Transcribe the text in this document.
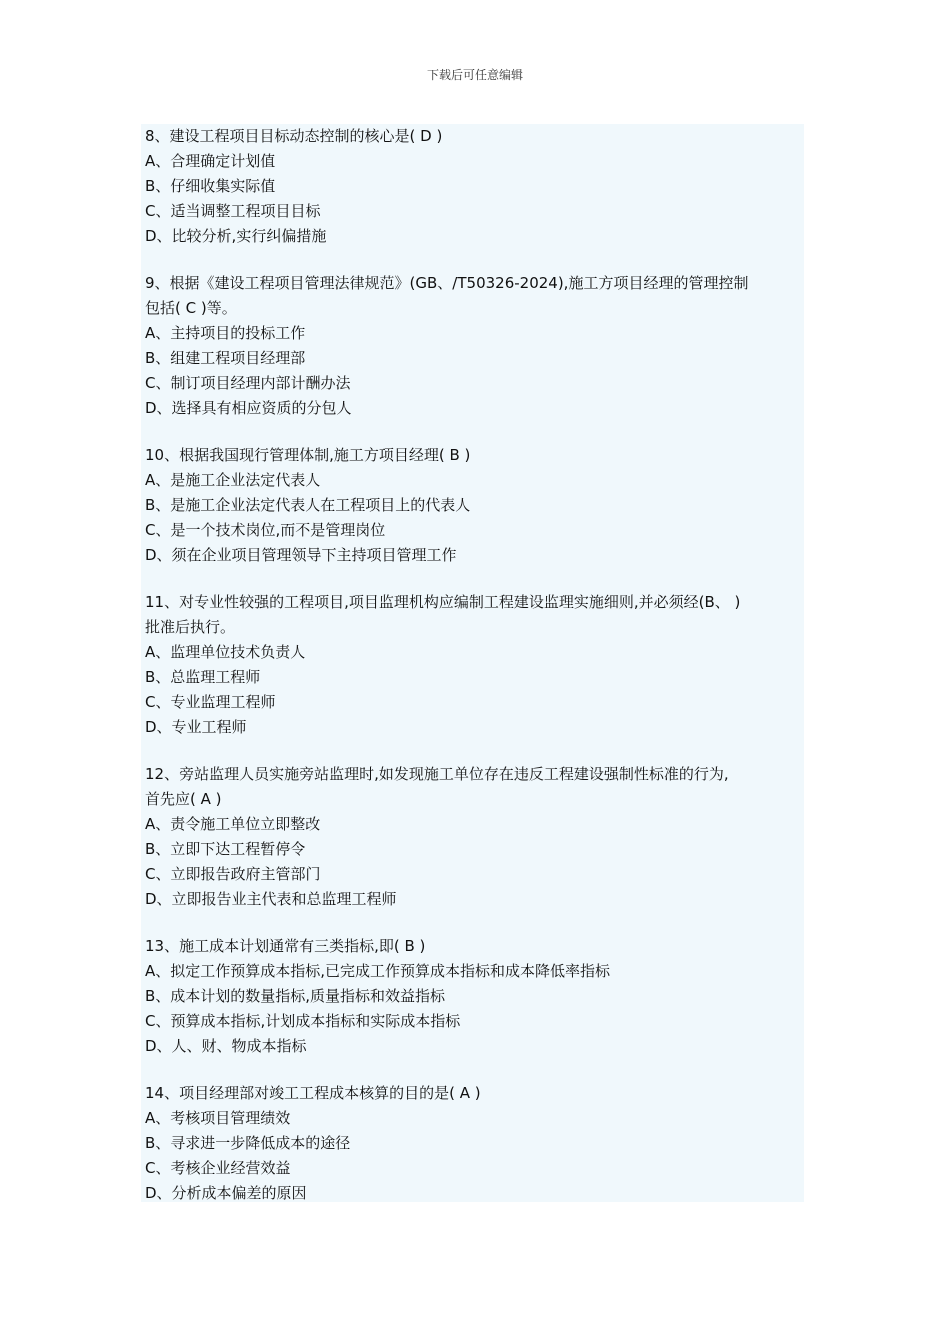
下载后可任意编辑
8、建设工程项目目标动态控制的核心是( D )
A、合理确定计划值
B、仔细收集实际值
C、适当调整工程项目目标
D、比较分析,实行纠偏措施
9、根据《建设工程项目管理法律规范》(GB、/T50326-2024),施工方项目经理的管理控制
包括( C )等。
A、主持项目的投标工作
B、组建工程项目经理部
C、制订项目经理内部计酬办法
D、选择具有相应资质的分包人
10、根据我国现行管理体制,施工方项目经理( B )
A、是施工企业法定代表人
B、是施工企业法定代表人在工程项目上的代表人
C、是一个技术岗位,而不是管理岗位
D、须在企业项目管理领导下主持项目管理工作
11、对专业性较强的工程项目,项目监理机构应编制工程建设监理实施细则,并必须经(B、 )
批准后执行。
A、监理单位技术负责人
B、总监理工程师
C、专业监理工程师
D、专业工程师
12、旁站监理人员实施旁站监理时,如发现施工单位存在违反工程建设强制性标准的行为,
首先应( A )
A、责令施工单位立即整改
B、立即下达工程暂停令
C、立即报告政府主管部门
D、立即报告业主代表和总监理工程师
13、施工成本计划通常有三类指标,即( B )
A、拟定工作预算成本指标,已完成工作预算成本指标和成本降低率指标
B、成本计划的数量指标,质量指标和效益指标
C、预算成本指标,计划成本指标和实际成本指标
D、人、财、物成本指标
14、项目经理部对竣工工程成本核算的目的是( A )
A、考核项目管理绩效
B、寻求进一步降低成本的途径
C、考核企业经营效益
D、分析成本偏差的原因
